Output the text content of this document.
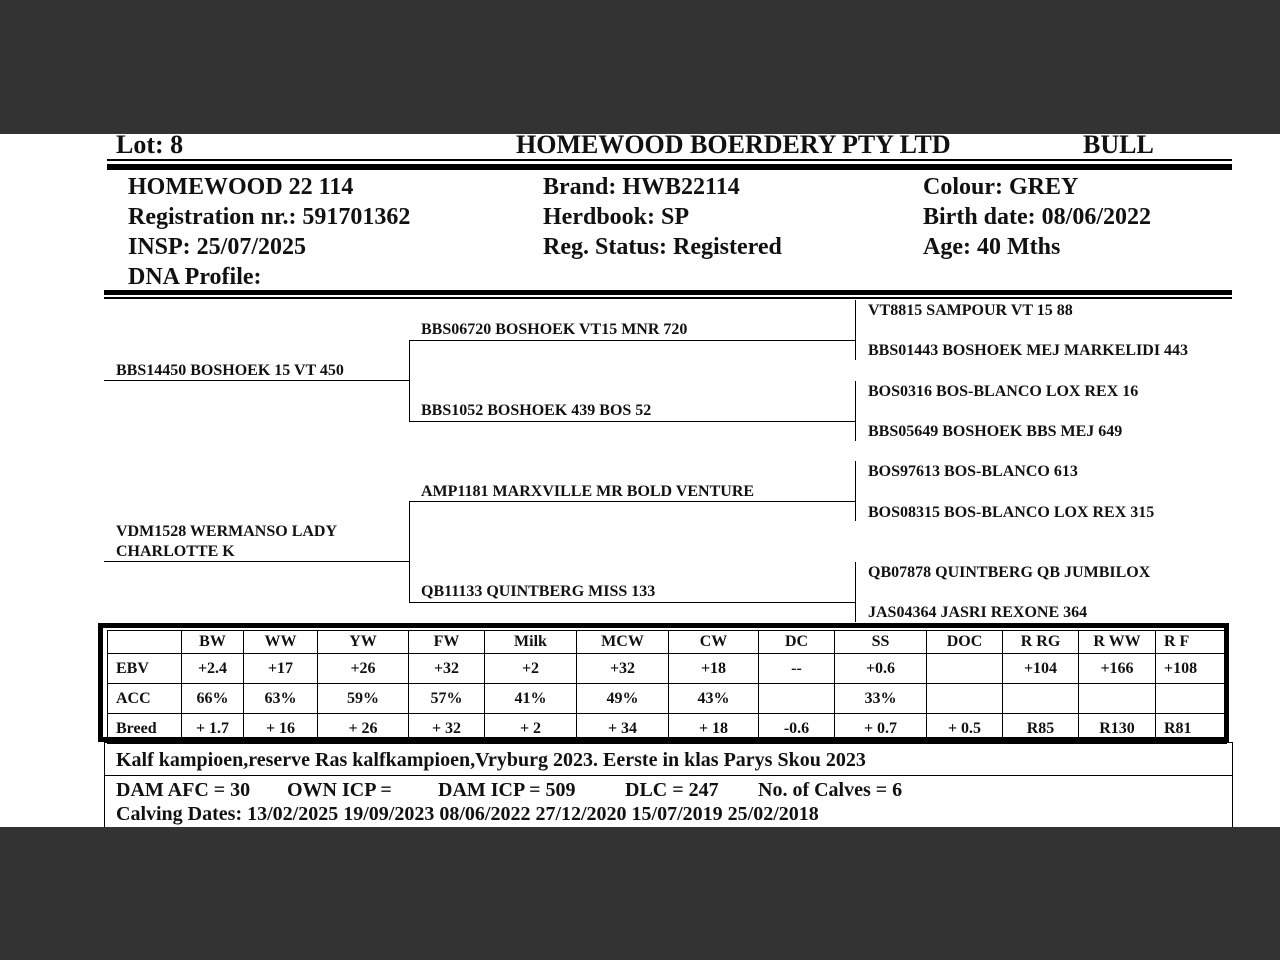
Lot: 8	HOMEWOOD BOERDERY PTY LTD	BULL
HOMEWOOD 22 114
Registration nr.: 591701362
INSP: 25/07/2025
DNA Profile:
Brand: HWB22114
Herdbook: SP
Reg. Status: Registered
Colour: GREY
Birth date: 08/06/2022
Age: 40 Mths
BBS14450 BOSHOEK 15 VT 450
VDM1528 WERMANSO LADY
CHARLOTTE K
BBS06720 BOSHOEK VT15 MNR 720
BBS1052 BOSHOEK 439 BOS 52
AMP1181 MARXVILLE MR BOLD VENTURE
QB11133 QUINTBERG MISS 133
VT8815 SAMPOUR VT 15 88
BBS01443 BOSHOEK MEJ MARKELIDI 443
BOS0316 BOS-BLANCO LOX REX 16
BBS05649 BOSHOEK BBS MEJ 649
BOS97613 BOS-BLANCO 613
BOS08315 BOS-BLANCO LOX REX 315
QB07878 QUINTBERG QB JUMBILOX
JAS04364 JASRI REXONE 364
	BW	WW	YW	FW	Milk	MCW	CW	DC	SS	DOC	R RG	R WW	R F
EBV	+2.4	+17	+26	+32	+2	+32	+18	--	+0.6		+104	+166	+108
ACC	66%	63%	59%	57%	41%	49%	43%		33%				
Breed	+ 1.7	+ 16	+ 26	+ 32	+ 2	+ 34	+ 18	-0.6	+ 0.7	+ 0.5	R85	R130	R81
Kalf kampioen,reserve Ras kalfkampioen,Vryburg 2023. Eerste in klas Parys Skou 2023
DAM AFC = 30 OWN ICP = DAM ICP = 509 DLC = 247 No. of Calves = 6
Calving Dates: 13/02/2025 19/09/2023 08/06/2022 27/12/2020 15/07/2019 25/02/2018
